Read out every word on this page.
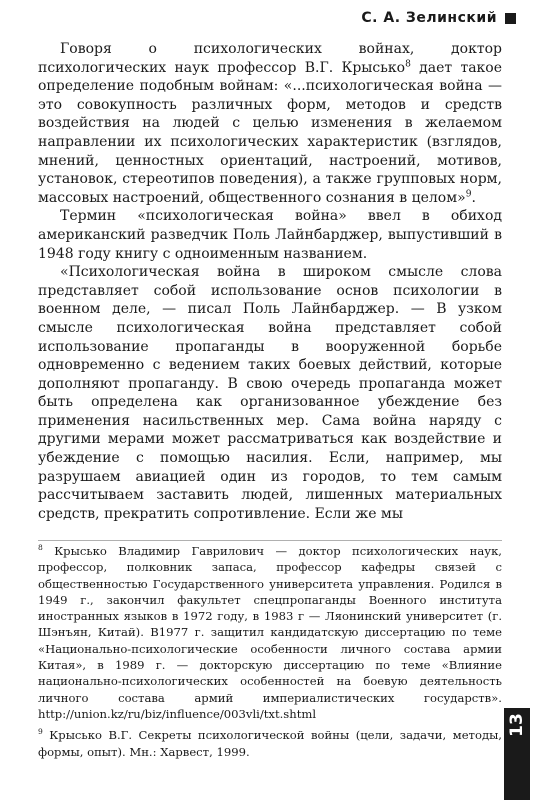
С. А. Зелинский

Говоря о психологических войнах, доктор психологических наук профессор В.Г. Крысько$^8$ дает такое определение подобным войнам: «...психологическая война — это совокупность различных форм, методов и средств воздействия на людей с целью изменения в желаемом направлении их психологических характеристик (взглядов, мнений, ценностных ориентаций, настроений, мотивов, установок, стереотипов поведения), а также групповых норм, массовых настроений, общественного сознания в целом»$^9$.

Термин «психологическая война» ввел в обиход американский разведчик Поль Лайнбарджер, выпустивший в 1948 году книгу с одноименным названием.

«Психологическая война в широком смысле слова представляет собой использование основ психологии в военном деле, — писал Поль Лайнбарджер. — В узком смысле психологическая война представляет собой использование пропаганды в вооруженной борьбе одновременно с ведением таких боевых действий, которые дополняют пропаганду. В свою очередь пропаганда может быть определена как организованное убеждение без применения насильственных мер. Сама война наряду с другими мерами может рассматриваться как воздействие и убеждение с помощью насилия. Если, например, мы разрушаем авиацией один из городов, то тем самым рассчитываем заставить людей, лишенных материальных средств, прекратить сопротивление. Если же мы

$^8$ Крысько Владимир Гаврилович — доктор психологических наук, профессор, полковник запаса, профессор кафедры связей с общественностью Государственного университета управления. Родился в 1949 г., закончил факультет спецпропаганды Военного института иностранных языков в 1972 году, в 1983 г — Ляонинский университет (г. Шэнъян, Китай). В1977 г. защитил кандидатскую диссертацию по теме «Национально-психологические особенности личного состава армии Китая», в 1989 г. — докторскую диссертацию по теме «Влияние национально-психологических особенностей на боевую деятельность личного состава армий империалистических государств». http://union.kz/ru/biz/influence/003vli/txt.shtml

$^9$ Крысько В.Г. Секреты психологической войны (цели, задачи, методы, формы, опыт). Мн.: Харвест, 1999.

13
